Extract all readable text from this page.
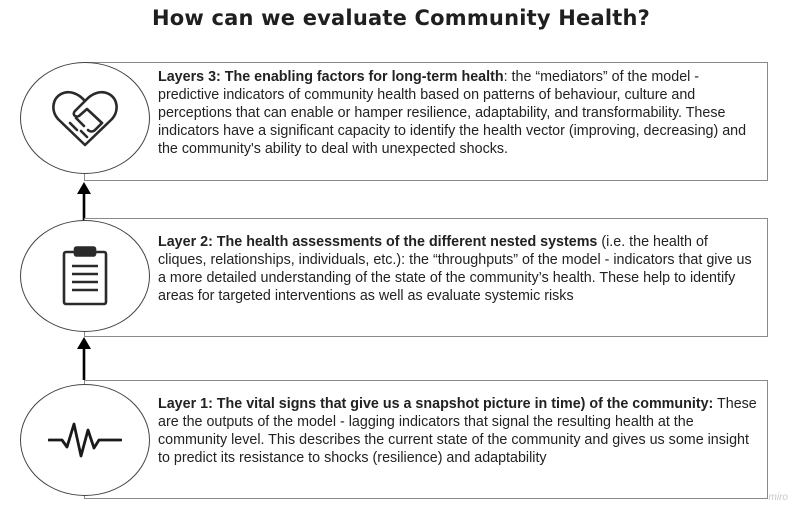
How can we evaluate Community Health?
Layers 3: The enabling factors for long-term health: the “mediators” of the model - predictive indicators of community health based on patterns of behaviour, culture and perceptions that can enable or hamper resilience, adaptability, and transformability. These indicators have a significant capacity to identify the health vector (improving, decreasing) and the community's ability to deal with unexpected shocks.
Layer 2: The health assessments of the different nested systems (i.e. the health of cliques, relationships, individuals, etc.): the “throughputs” of the model - indicators that give us a more detailed understanding of the state of the community’s health. These help to identify areas for targeted interventions as well as evaluate systemic risks
Layer 1: The vital signs that give us a snapshot picture in time) of the community: These are the outputs of the model - lagging indicators that signal the resulting health at the community level. This describes the current state of the community and gives us some insight to predict its resistance to shocks (resilience) and adaptability
miro
